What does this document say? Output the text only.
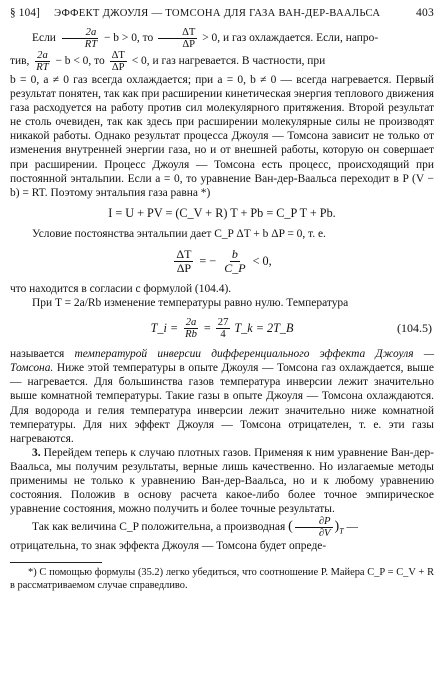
§ 104] ЭФФЕКТ ДЖОУЛЯ — ТОМСОНА ДЛЯ ГАЗА ВАН-ДЕР-ВААЛЬСА	403

Если $\frac{2a}{RT} - b > 0$, то $\frac{\Delta T}{\Delta P} > 0$, и газ охлаждается. Если, напро-

тив, $\frac{2a}{RT} - b < 0$, то $\frac{\Delta T}{\Delta P} < 0$, и газ нагревается. В частности, при

b = 0, a ≠ 0 газ всегда охлаждается; при a = 0, b ≠ 0 — всегда нагревается. Первый результат понятен, так как при расширении кинетическая энергия теплового движения газа расходуется на работу против сил молекулярного притяжения. Второй результат не столь очевиден, так как здесь при расширении молекулярные силы не производят никакой работы. Однако результат процесса Джоуля — Томсона зависит не только от изменения внутренней энергии газа, но и от внешней работы, которую он совершает при расширении. Процесс Джоуля — Томсона есть процесс, происходящий при постоянной энтальпии. Если a = 0, то уравнение Ван-дер-Ваальса переходит в P (V − b) = RT. Поэтому энтальпия газа равна *)

I = U + PV = (C_V + R) T + Pb = C_P T + Pb.

Условие постоянства энтальпии дает C_P ΔT + b ΔP = 0, т. е.

$\frac{\Delta T}{\Delta P}$ = − $\frac{b}{C\_P} < 0$,

что находится в согласии с формулой (104.4).

При T = 2a/Rb изменение температуры равно нулю. Температура

T_i = $\frac{2a}{Rb} = \frac{27}{4}$ T_k = 2T_B	(104.5)

называется температурой инверсии дифференциального эффекта Джоуля — Томсона. Ниже этой температуры в опыте Джоуля — Томсона газ охлаждается, выше — нагревается. Для большинства газов температура инверсии лежит значительно выше комнатной температуры. Такие газы в опыте Джоуля — Томсона охлаждаются. Для водорода и гелия температура инверсии лежит значительно ниже комнатной температуры. Для них эффект Джоуля — Томсона отрицателен, т. е. эти газы нагреваются.

3. Перейдем теперь к случаю плотных газов. Применяя к ним уравнение Ван-дер-Ваальса, мы получим результаты, верные лишь качественно. Но излагаемые методы применимы не только к уравнению Ван-дер-Ваальса, но и к любому уравнению состояния. Положив в основу расчета какое-либо более точное эмпирическое уравнение состояния, можно получить и более точные результаты.

Так как величина C_P положительна, а производная ( $\frac{\partial P}{\partial V} )_T$ —

отрицательна, то знак эффекта Джоуля — Томсона будет опреде-

*) С помощью формулы (35.2) легко убедиться, что соотношение Р. Майера C_P = C_V + R в рассматриваемом случае справедливо.
